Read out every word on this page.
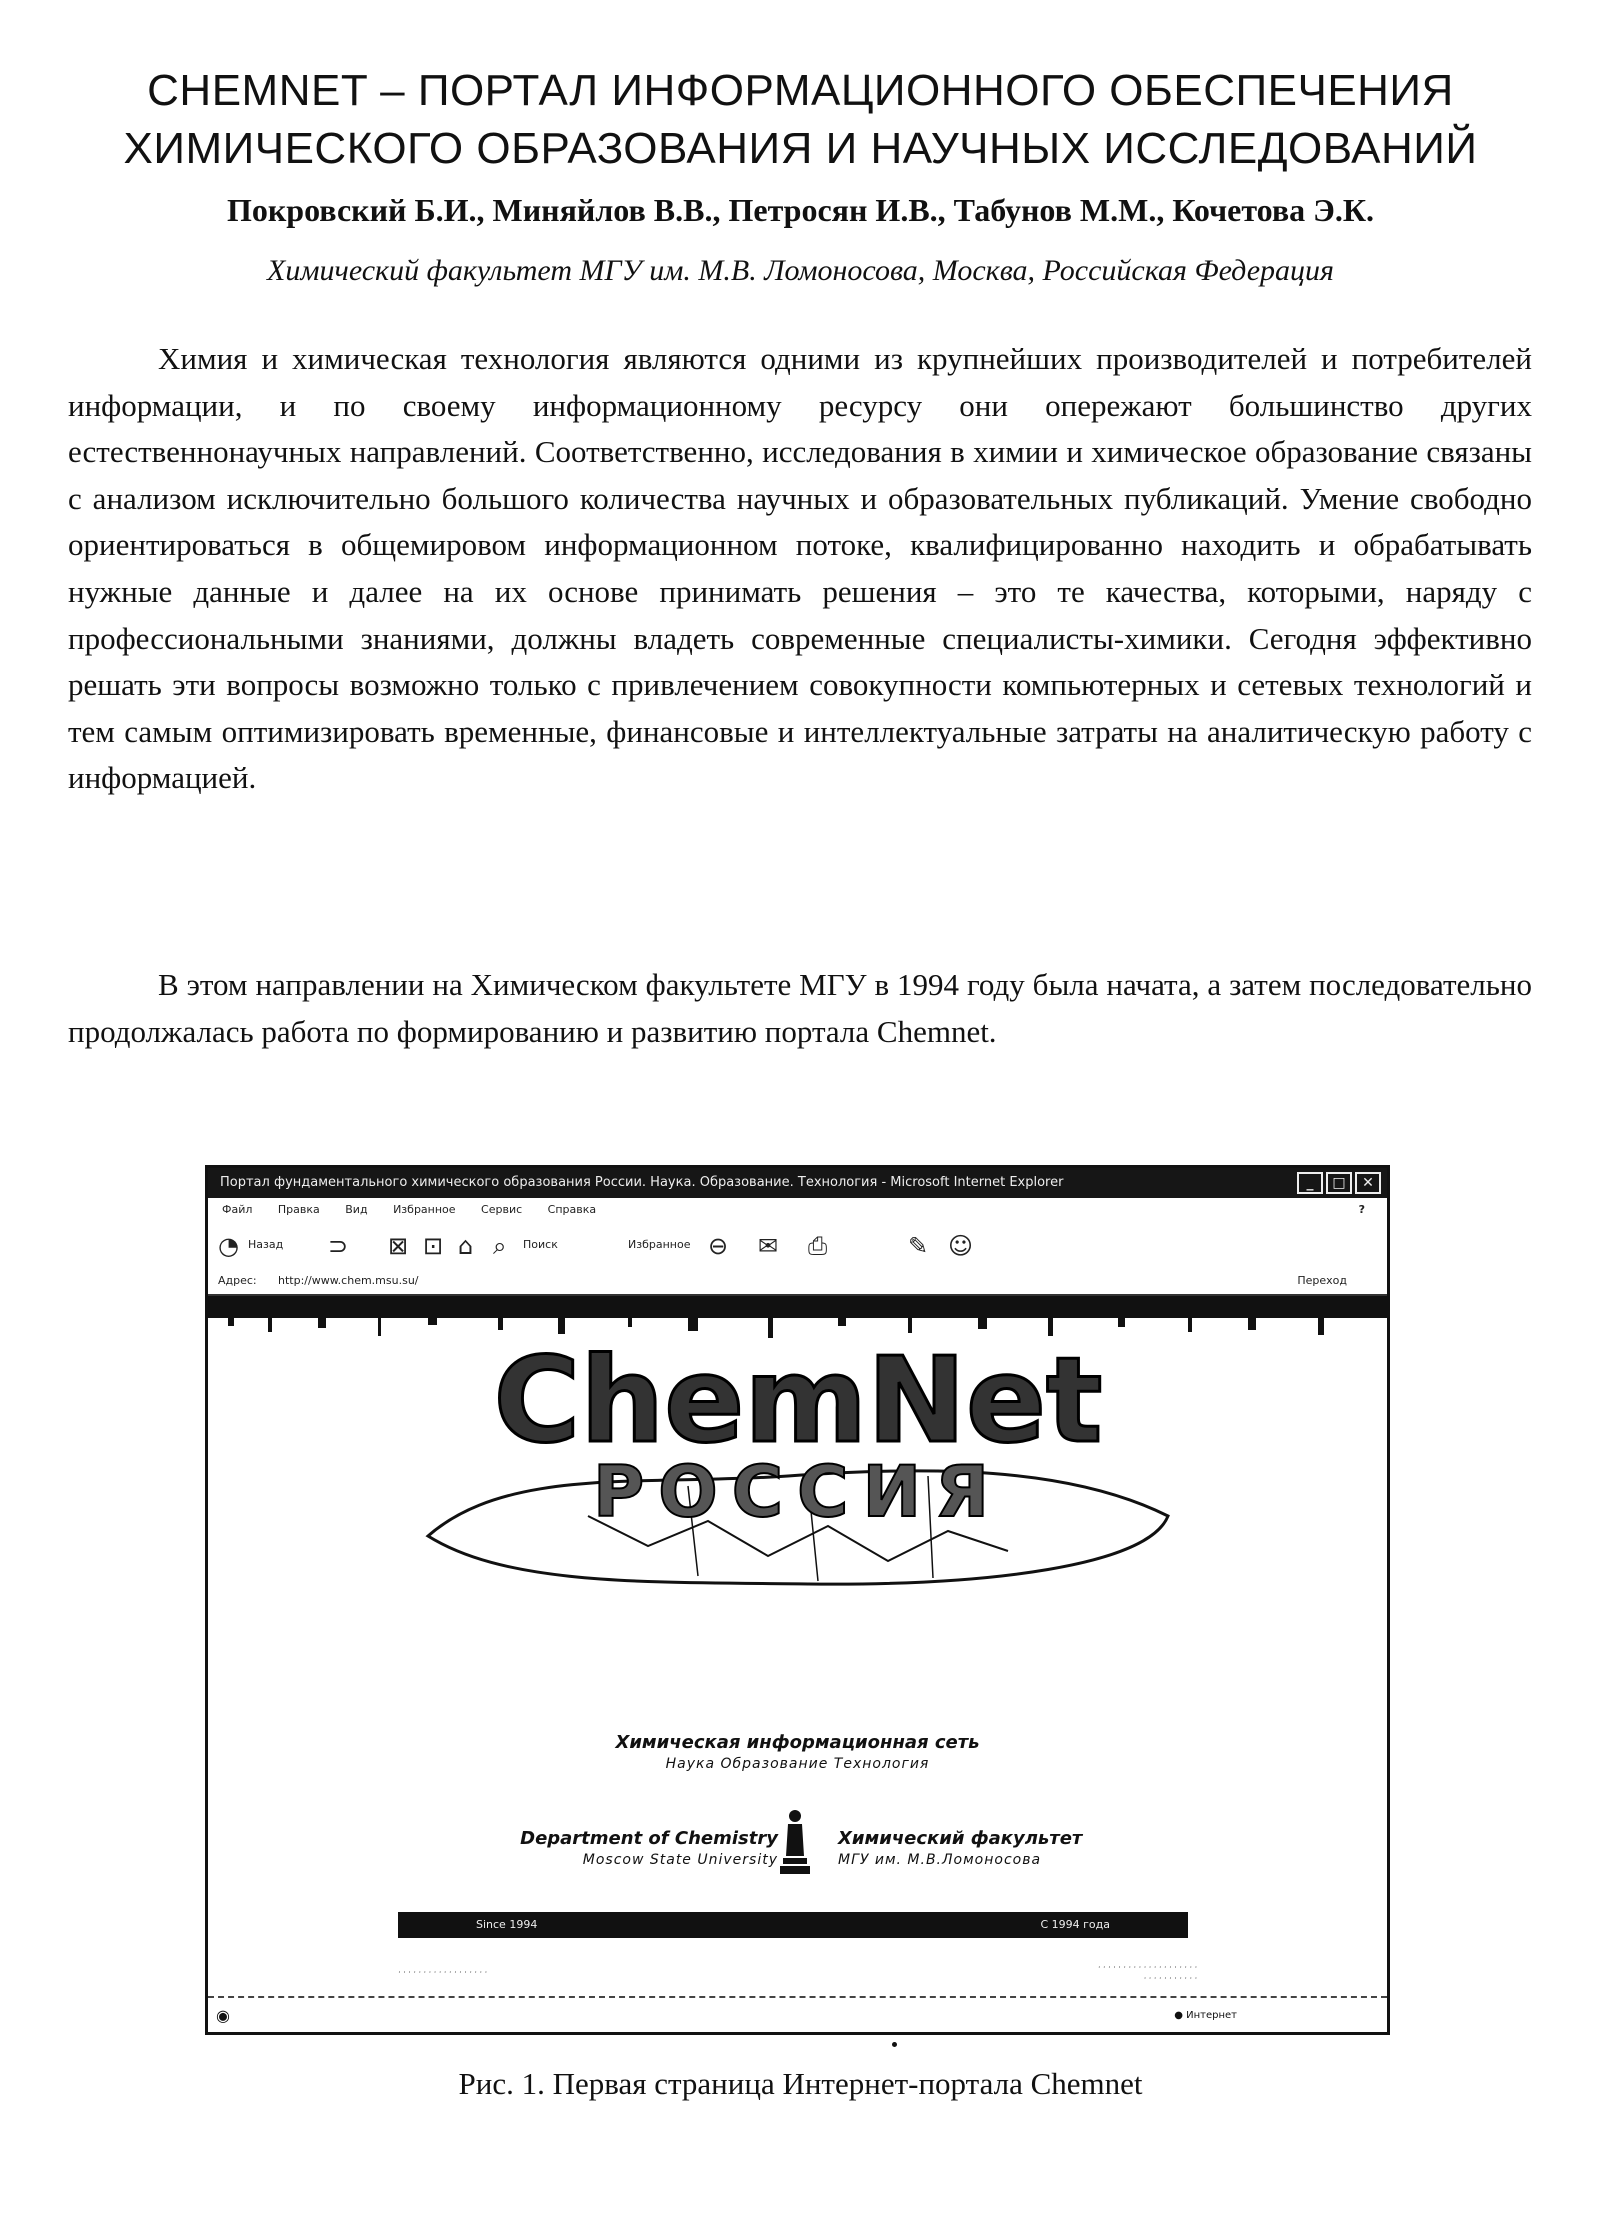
CHEMNET – ПОРТАЛ ИНФОРМАЦИОННОГО ОБЕСПЕЧЕНИЯ
ХИМИЧЕСКОГО ОБРАЗОВАНИЯ И НАУЧНЫХ ИССЛЕДОВАНИЙ
Покровский Б.И., Миняйлов В.В., Петросян И.В., Табунов М.М., Кочетова Э.К.
Химический факультет МГУ им. М.В. Ломоносова, Москва, Российская Федерация

Химия и химическая технология являются одними из крупнейших производителей и потребителей информации, и по своему информационному ресурсу они опережают большинство других естественнонаучных направлений. Соответственно, исследования в химии и химическое образование связаны с анализом исключительно большого количества научных и образовательных публикаций. Умение свободно ориентироваться в общемировом информационном потоке, квалифицированно находить и обрабатывать нужные данные и далее на их основе принимать решения – это те качества, которыми, наряду с профессиональными знаниями, должны владеть современные специалисты-химики. Сегодня эффективно решать эти вопросы возможно только с привлечением совокупности компьютерных и сетевых технологий и тем самым оптимизировать временные, финансовые и интеллектуальные затраты на аналитическую работу с информацией.

В этом направлении на Химическом факультете МГУ в 1994 году была начата, а затем последовательно продолжалась работа по формированию и развитию портала Chemnet.

Портал фундаментального химического образования России. Наука. Образование. Технология - Microsoft Internet Explorer	_	□	✕
Файл Правка Вид Избранное Сервис Справка	?
◔ Назад ⊃ ⊠ ⊡ ⌂ ⌕ Поиск	Избранное ⊖ ✉ ⎙	✎ ☺
Адрес: http://www.chem.msu.su/	Переход
ChemNet
РОССИЯ
Химическая информационная сеть
Наука Образование Технология
Department of Chemistry
Moscow State University
Химический факультет
МГУ им. М.В.Ломоносова
Since 1994	С 1994 года
· · · · · · · · · · · · · · · · · ·
· · · · · · · · · · · · · · · · · · · ·
· · · · · · · · · · ·
◉	● Интернет
Рис. 1. Первая страница Интернет-портала Chemnet
